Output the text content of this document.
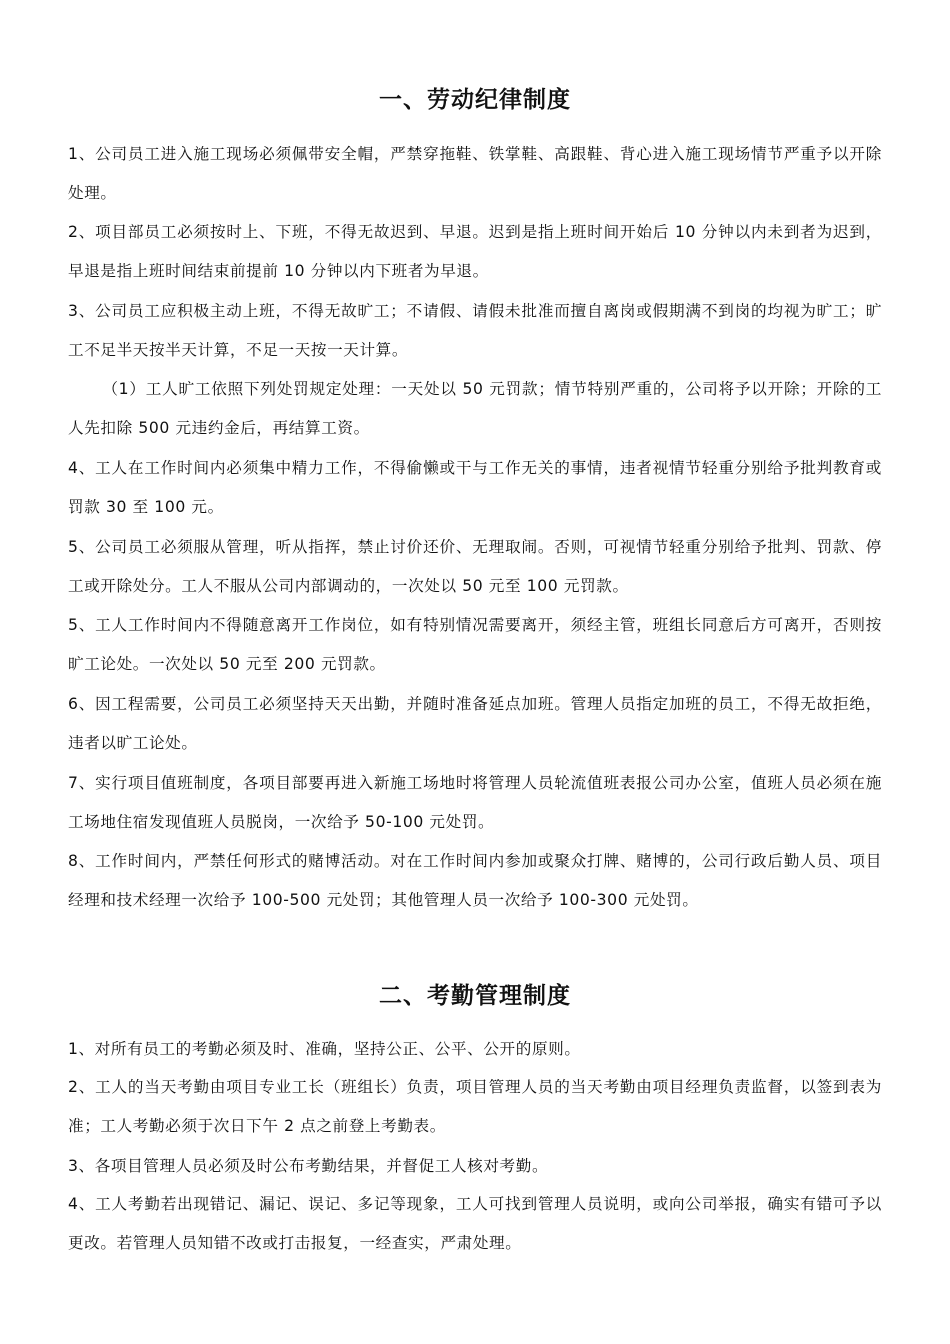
一、劳动纪律制度
1、公司员工进入施工现场必须佩带安全帽，严禁穿拖鞋、铁掌鞋、高跟鞋、背心进入施工现场情节严重予以开除处理。
2、项目部员工必须按时上、下班，不得无故迟到、早退。迟到是指上班时间开始后 10 分钟以内未到者为迟到，早退是指上班时间结束前提前 10 分钟以内下班者为早退。
3、公司员工应积极主动上班，不得无故旷工；不请假、请假未批准而擅自离岗或假期满不到岗的均视为旷工；旷工不足半天按半天计算，不足一天按一天计算。
（1）工人旷工依照下列处罚规定处理：一天处以 50 元罚款；情节特别严重的，公司将予以开除；开除的工人先扣除 500 元违约金后，再结算工资。
4、工人在工作时间内必须集中精力工作，不得偷懒或干与工作无关的事情，违者视情节轻重分别给予批判教育或罚款 30 至 100 元。
5、公司员工必须服从管理，听从指挥，禁止讨价还价、无理取闹。否则，可视情节轻重分别给予批判、罚款、停工或开除处分。工人不服从公司内部调动的，一次处以 50 元至 100 元罚款。
5、工人工作时间内不得随意离开工作岗位，如有特别情况需要离开，须经主管，班组长同意后方可离开，否则按旷工论处。一次处以 50 元至 200 元罚款。
6、因工程需要，公司员工必须坚持天天出勤，并随时准备延点加班。管理人员指定加班的员工，不得无故拒绝，违者以旷工论处。
7、实行项目值班制度，各项目部要再进入新施工场地时将管理人员轮流值班表报公司办公室，值班人员必须在施工场地住宿发现值班人员脱岗，一次给予 50-100 元处罚。
8、工作时间内，严禁任何形式的赌博活动。对在工作时间内参加或聚众打牌、赌博的，公司行政后勤人员、项目经理和技术经理一次给予 100-500 元处罚；其他管理人员一次给予 100-300 元处罚。
二、考勤管理制度
1、对所有员工的考勤必须及时、准确，坚持公正、公平、公开的原则。
2、工人的当天考勤由项目专业工长（班组长）负责，项目管理人员的当天考勤由项目经理负责监督，以签到表为准；工人考勤必须于次日下午 2 点之前登上考勤表。
3、各项目管理人员必须及时公布考勤结果，并督促工人核对考勤。
4、工人考勤若出现错记、漏记、误记、多记等现象，工人可找到管理人员说明，或向公司举报，确实有错可予以更改。若管理人员知错不改或打击报复，一经查实，严肃处理。
